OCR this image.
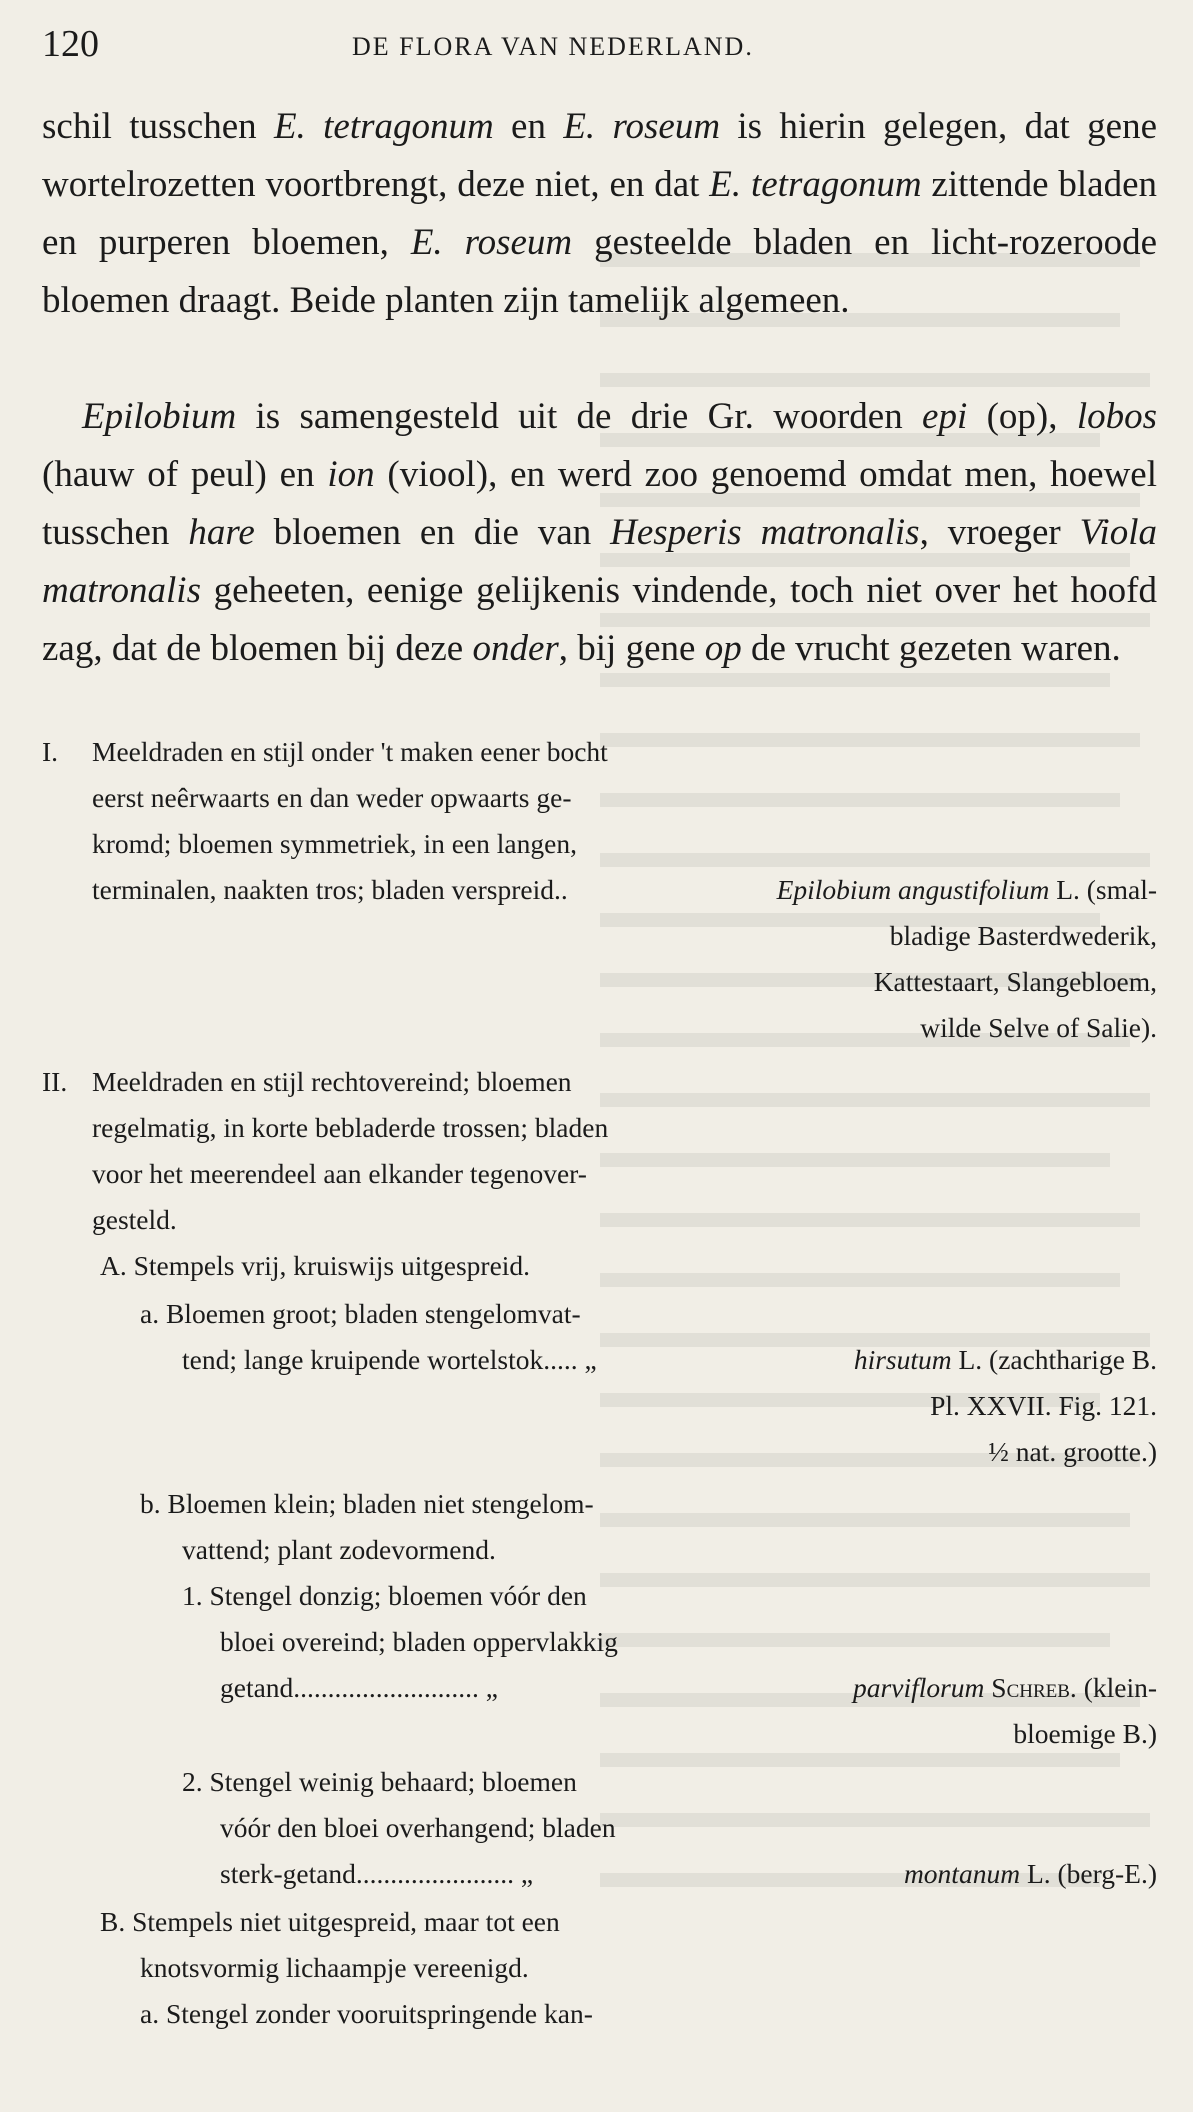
120	DE FLORA VAN NEDERLAND.

schil tusschen E. tetragonum en E. roseum is hierin gelegen, dat gene wortelrozetten voortbrengt, deze niet, en dat E. tetragonum zittende bladen en purperen bloemen, E. roseum gesteelde bladen en licht-rozeroode bloemen draagt. Beide planten zijn tamelijk algemeen.

Epilobium is samengesteld uit de drie Gr. woorden epi (op), lobos (hauw of peul) en ion (viool), en werd zoo genoemd omdat men, hoewel tusschen hare bloemen en die van Hesperis matronalis, vroeger Viola matronalis geheeten, eenige gelijkenis vindende, toch niet over het hoofd zag, dat de bloemen bij deze onder, bij gene op de vrucht gezeten waren.

I. Meeldraden en stijl onder 't maken eener bocht
eerst neêrwaarts en dan weder opwaarts ge-
kromd; bloemen symmetriek, in een langen,
terminalen, naakten tros; bladen verspreid..	Epilobium angustifolium L. (smal-
bladige Basterdwederik,
Kattestaart, Slangebloem,
wilde Selve of Salie).
II. Meeldraden en stijl rechtovereind; bloemen
regelmatig, in korte bebladerde trossen; bladen
voor het meerendeel aan elkander tegenover-
gesteld.
A. Stempels vrij, kruiswijs uitgespreid.
a. Bloemen groot; bladen stengelomvat-
tend; lange kruipende wortelstok..... „	hirsutum L. (zachtharige B.
Pl. XXVII. Fig. 121.
½ nat. grootte.)
b. Bloemen klein; bladen niet stengelom-
vattend; plant zodevormend.
1. Stengel donzig; bloemen vóór den
bloei overeind; bladen oppervlakkig
getand........................... „	parviflorum Schreb. (klein-
bloemige B.)
2. Stengel weinig behaard; bloemen
vóór den bloei overhangend; bladen
sterk-getand....................... „	montanum L. (berg-E.)
B. Stempels niet uitgespreid, maar tot een
knotsvormig lichaampje vereenigd.
a. Stengel zonder vooruitspringende kan-
